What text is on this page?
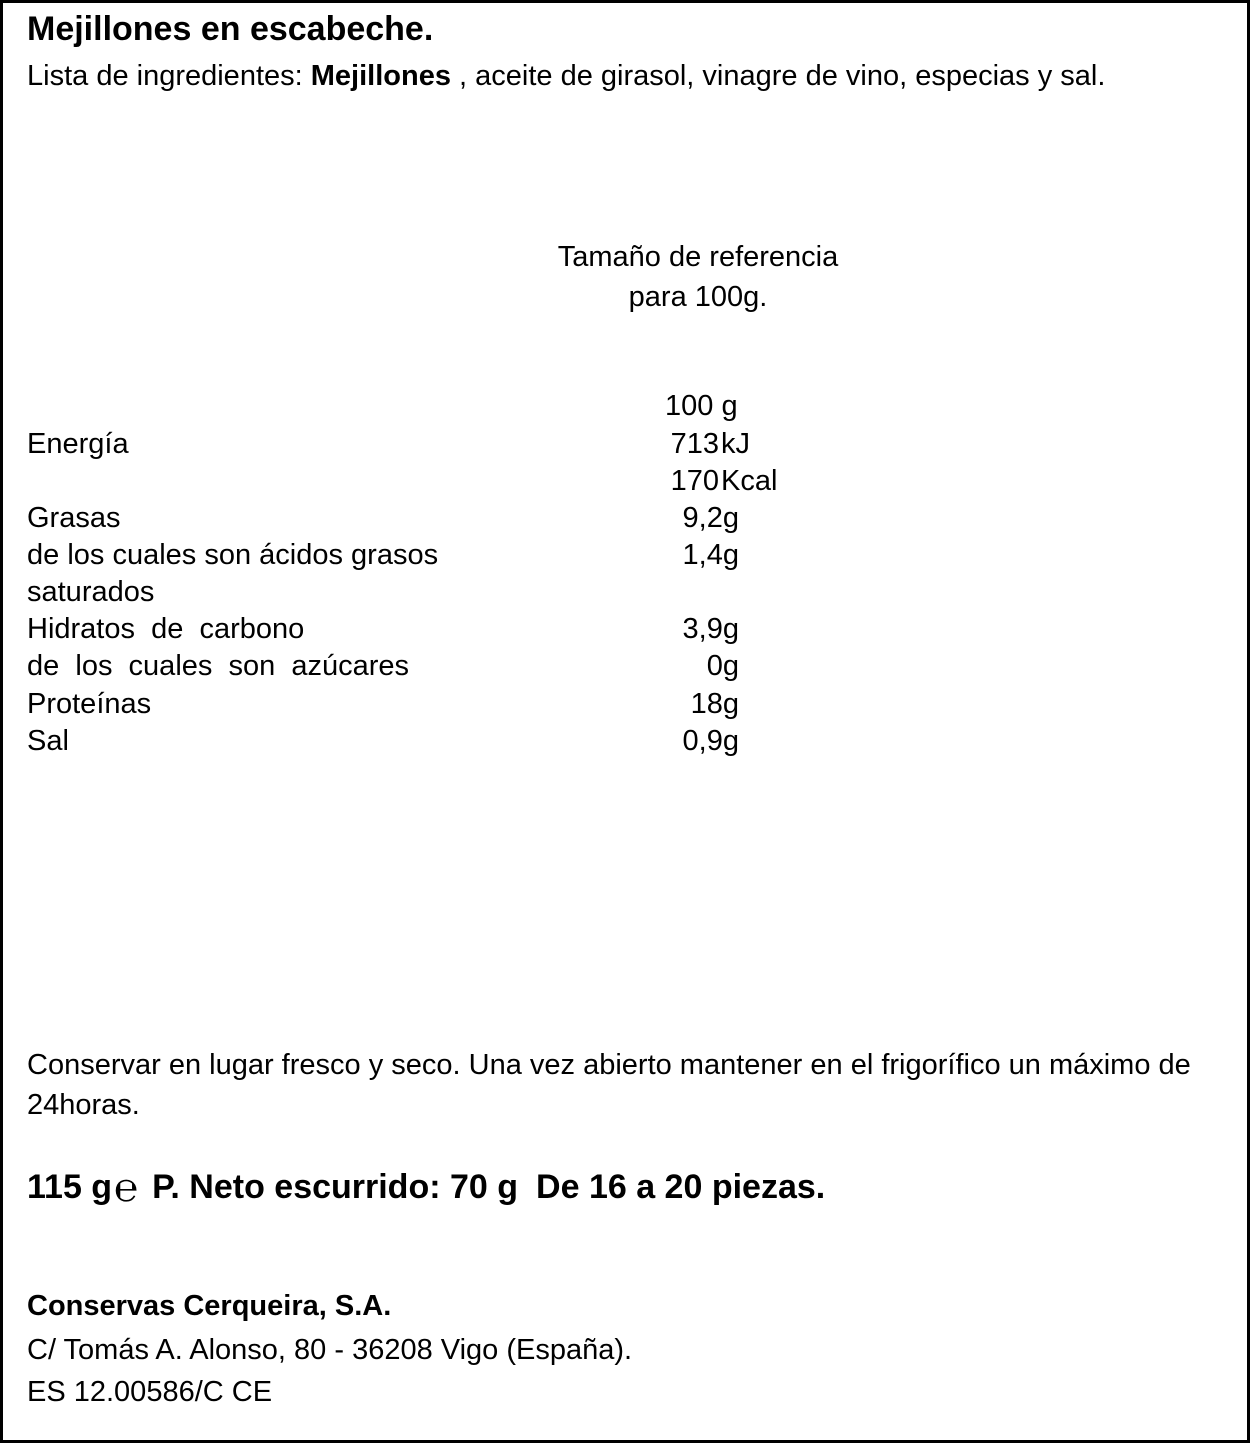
Mejillones en escabeche.
Lista de ingredientes: Mejillones , aceite de girasol, vinagre de vino, especias y sal.
Tamaño de referencia
para 100g.
100 g
Energía	713 kJ
170 Kcal
Grasas	9,2g
de los cuales son ácidos grasos	1,4g
saturados
Hidratos  de  carbono	3,9g
de  los  cuales  son  azúcares	0g
Proteínas	18g
Sal	0,9g
Conservar en lugar fresco y seco. Una vez abierto mantener en el frigorífico un máximo de 24horas.
115 g℮ P. Neto escurrido: 70 g De 16 a 20 piezas.
Conservas Cerqueira, S.A.
C/ Tomás A. Alonso, 80 - 36208 Vigo (España).
ES 12.00586/C CE
